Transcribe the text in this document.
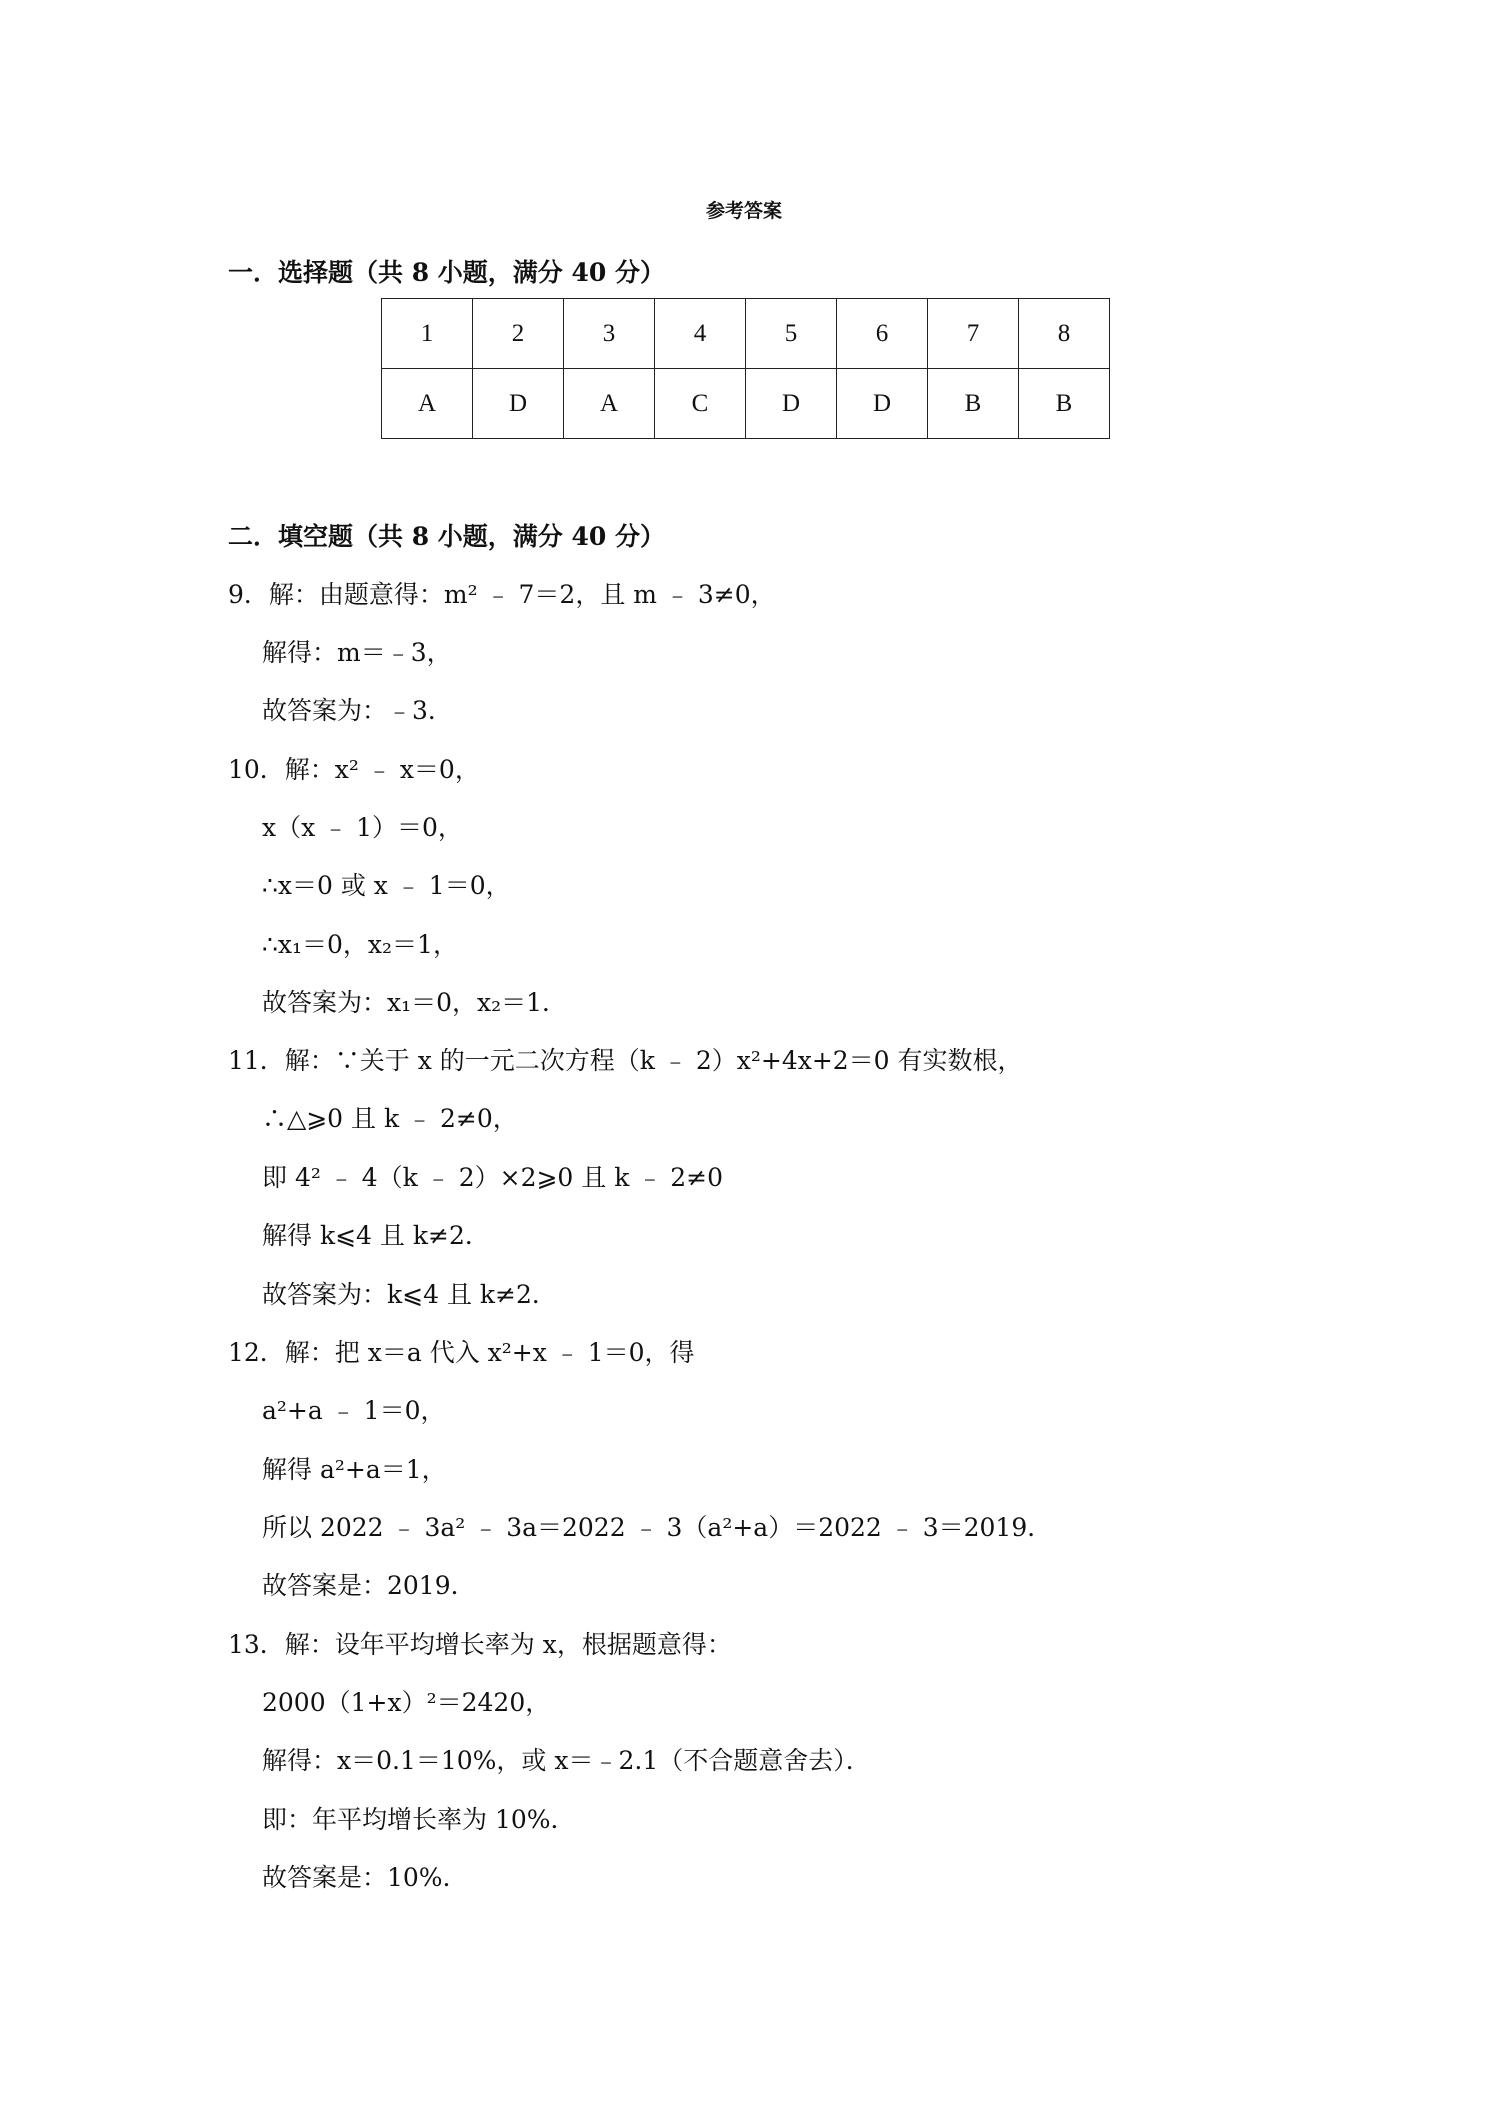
参考答案
一．选择题（共 8 小题，满分 40 分）
1	2	3	4	5	6	7	8
A	D	A	C	D	D	B	B
二．填空题（共 8 小题，满分 40 分）
9．解：由题意得：m² ﹣ 7＝2，且 m ﹣ 3≠0，
解得：m＝﹣3，
故答案为：﹣3．
10．解：x² ﹣ x＝0，
x（x ﹣ 1）＝0，
∴x＝0 或 x ﹣ 1＝0，
∴x₁＝0，x₂＝1，
故答案为：x₁＝0，x₂＝1．
11．解：∵关于 x 的一元二次方程（k ﹣ 2）x²+4x+2＝0 有实数根，
∴△⩾0 且 k ﹣ 2≠0，
即 4² ﹣ 4（k ﹣ 2）×2⩾0 且 k ﹣ 2≠0
解得 k⩽4 且 k≠2．
故答案为：k⩽4 且 k≠2．
12．解：把 x＝a 代入 x²+x ﹣ 1＝0，得
a²+a ﹣ 1＝0，
解得 a²+a＝1，
所以 2022 ﹣ 3a² ﹣ 3a＝2022 ﹣ 3（a²+a）＝2022 ﹣ 3＝2019．
故答案是：2019．
13．解：设年平均增长率为 x，根据题意得：
2000（1+x）²＝2420，
解得：x＝0.1＝10%，或 x＝﹣2.1（不合题意舍去）．
即：年平均增长率为 10%．
故答案是：10%．
